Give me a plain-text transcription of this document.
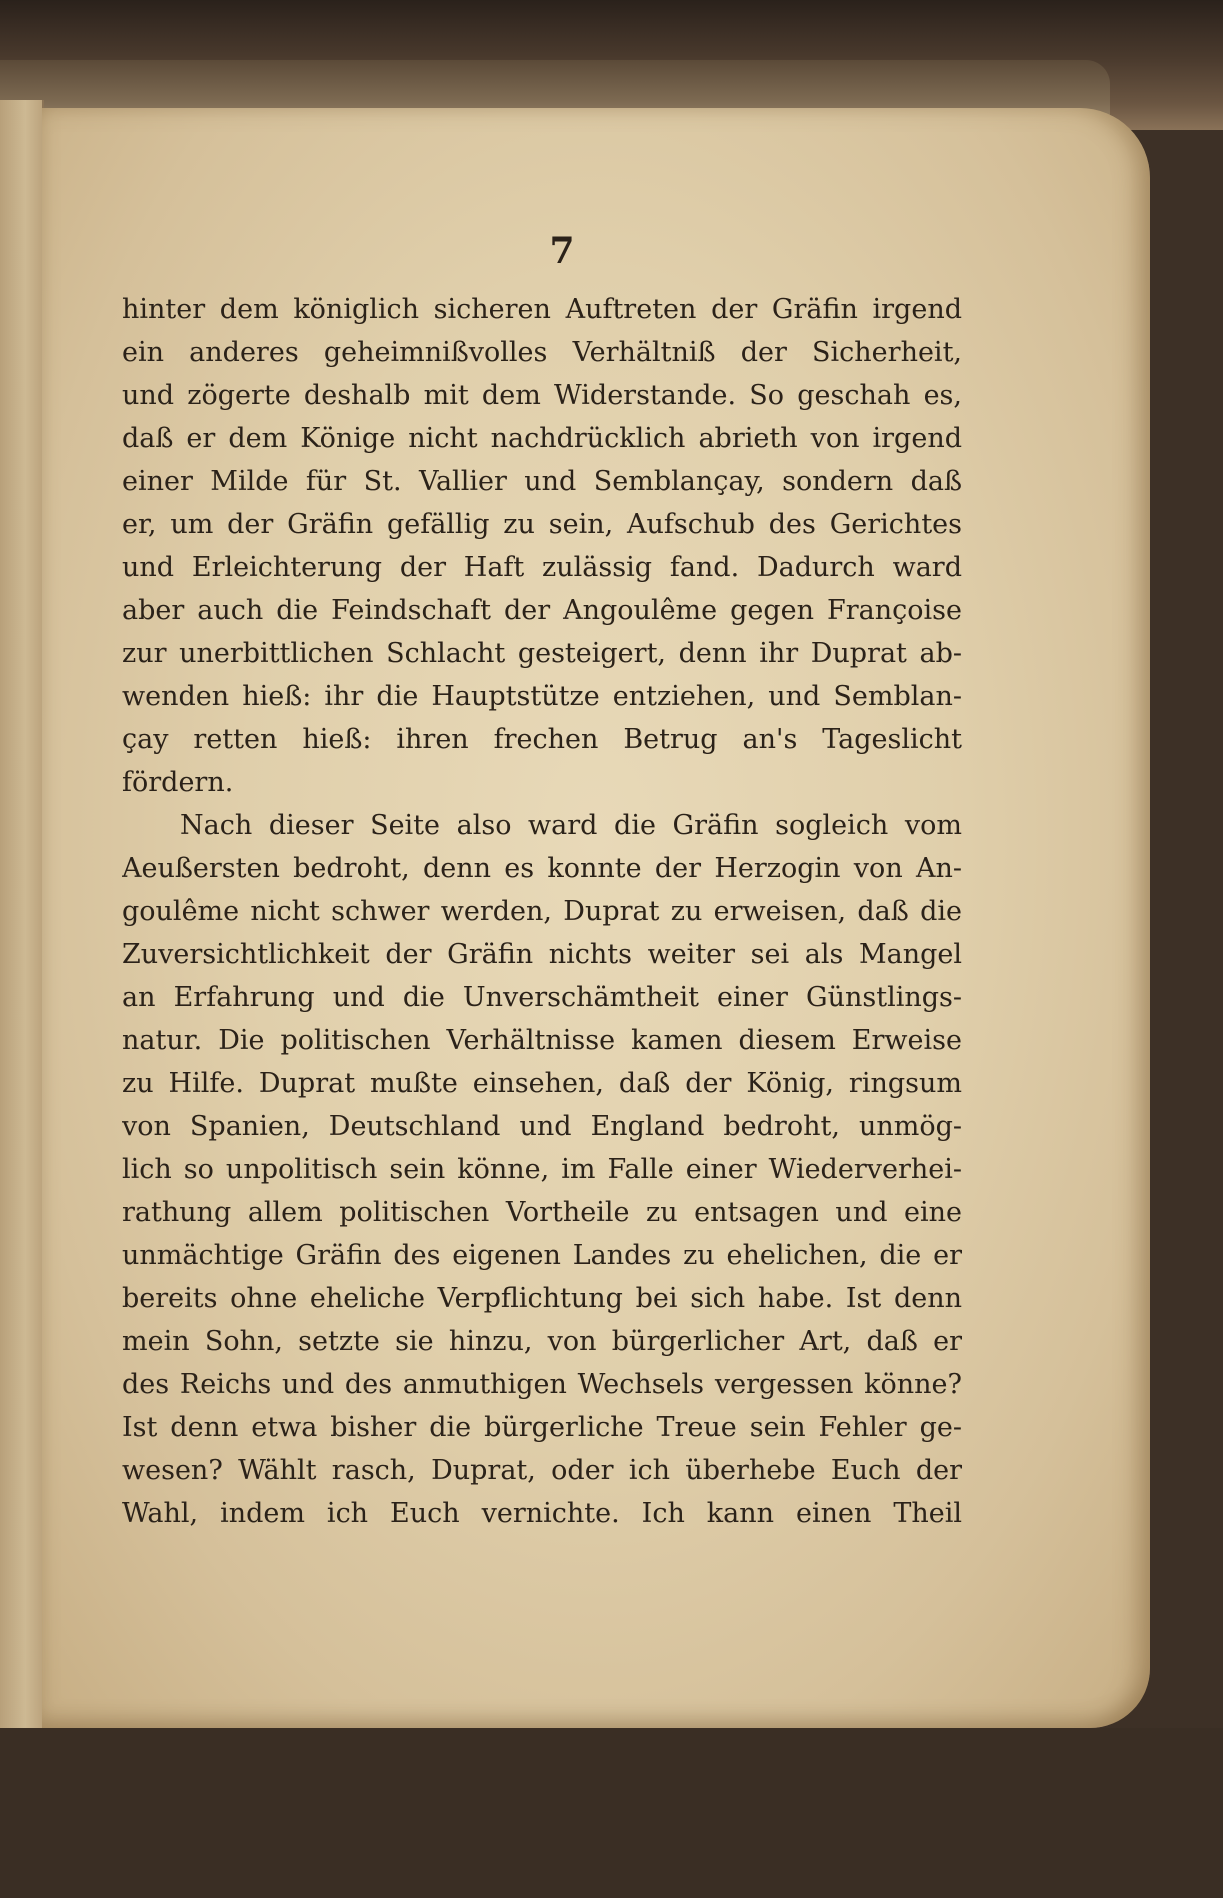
7
hinter dem königlich sicheren Auftreten der Gräfin irgend
ein anderes geheimnißvolles Verhältniß der Sicherheit,
und zögerte deshalb mit dem Widerstande. So geschah es,
daß er dem Könige nicht nachdrücklich abrieth von irgend
einer Milde für St. Vallier und Semblançay, sondern daß
er, um der Gräfin gefällig zu sein, Aufschub des Gerichtes
und Erleichterung der Haft zulässig fand. Dadurch ward
aber auch die Feindschaft der Angoulême gegen Françoise
zur unerbittlichen Schlacht gesteigert, denn ihr Duprat ab-
wenden hieß: ihr die Hauptstütze entziehen, und Semblan-
çay retten hieß: ihren frechen Betrug an's Tageslicht
fördern.
Nach dieser Seite also ward die Gräfin sogleich vom
Aeußersten bedroht, denn es konnte der Herzogin von An-
goulême nicht schwer werden, Duprat zu erweisen, daß die
Zuversichtlichkeit der Gräfin nichts weiter sei als Mangel
an Erfahrung und die Unverschämtheit einer Günstlings-
natur. Die politischen Verhältnisse kamen diesem Erweise
zu Hilfe. Duprat mußte einsehen, daß der König, ringsum
von Spanien, Deutschland und England bedroht, unmög-
lich so unpolitisch sein könne, im Falle einer Wiederverhei-
rathung allem politischen Vortheile zu entsagen und eine
unmächtige Gräfin des eigenen Landes zu ehelichen, die er
bereits ohne eheliche Verpflichtung bei sich habe. Ist denn
mein Sohn, setzte sie hinzu, von bürgerlicher Art, daß er
des Reichs und des anmuthigen Wechsels vergessen könne?
Ist denn etwa bisher die bürgerliche Treue sein Fehler ge-
wesen? Wählt rasch, Duprat, oder ich überhebe Euch der
Wahl, indem ich Euch vernichte. Ich kann einen Theil
